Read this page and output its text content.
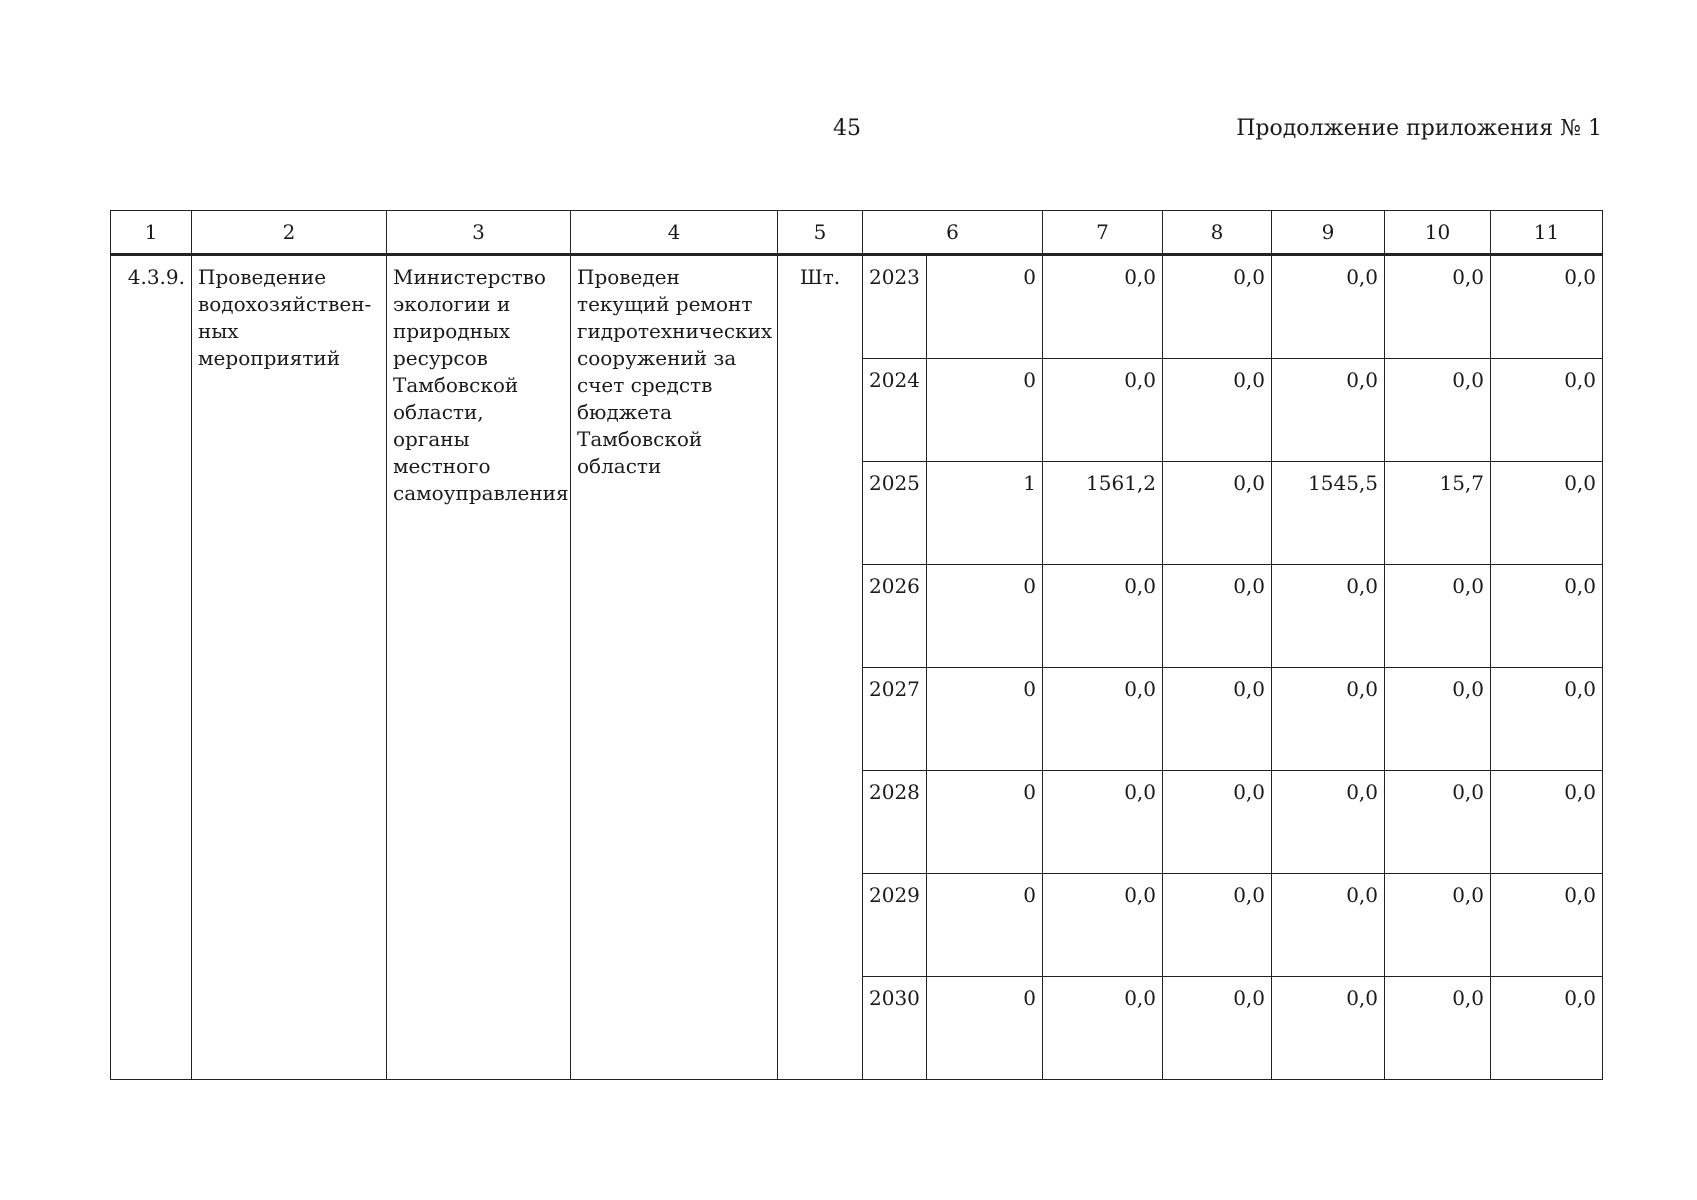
45	Продолжение приложения № 1
1	2	3	4	5	6		7	8	9	10	11
4.3.9.	Проведение водохозяйствен-ных мероприятий	Министерство экологии и природных ресурсов Тамбовской области, органы местного самоуправления	Проведен текущий ремонт гидротехнических сооружений за счет средств бюджета Тамбовской области	Шт.	2023	0	0,0	0,0	0,0	0,0	0,0
					2024	0	0,0	0,0	0,0	0,0	0,0
					2025	1	1561,2	0,0	1545,5	15,7	0,0
					2026	0	0,0	0,0	0,0	0,0	0,0
					2027	0	0,0	0,0	0,0	0,0	0,0
					2028	0	0,0	0,0	0,0	0,0	0,0
					2029	0	0,0	0,0	0,0	0,0	0,0
					2030	0	0,0	0,0	0,0	0,0	0,0
